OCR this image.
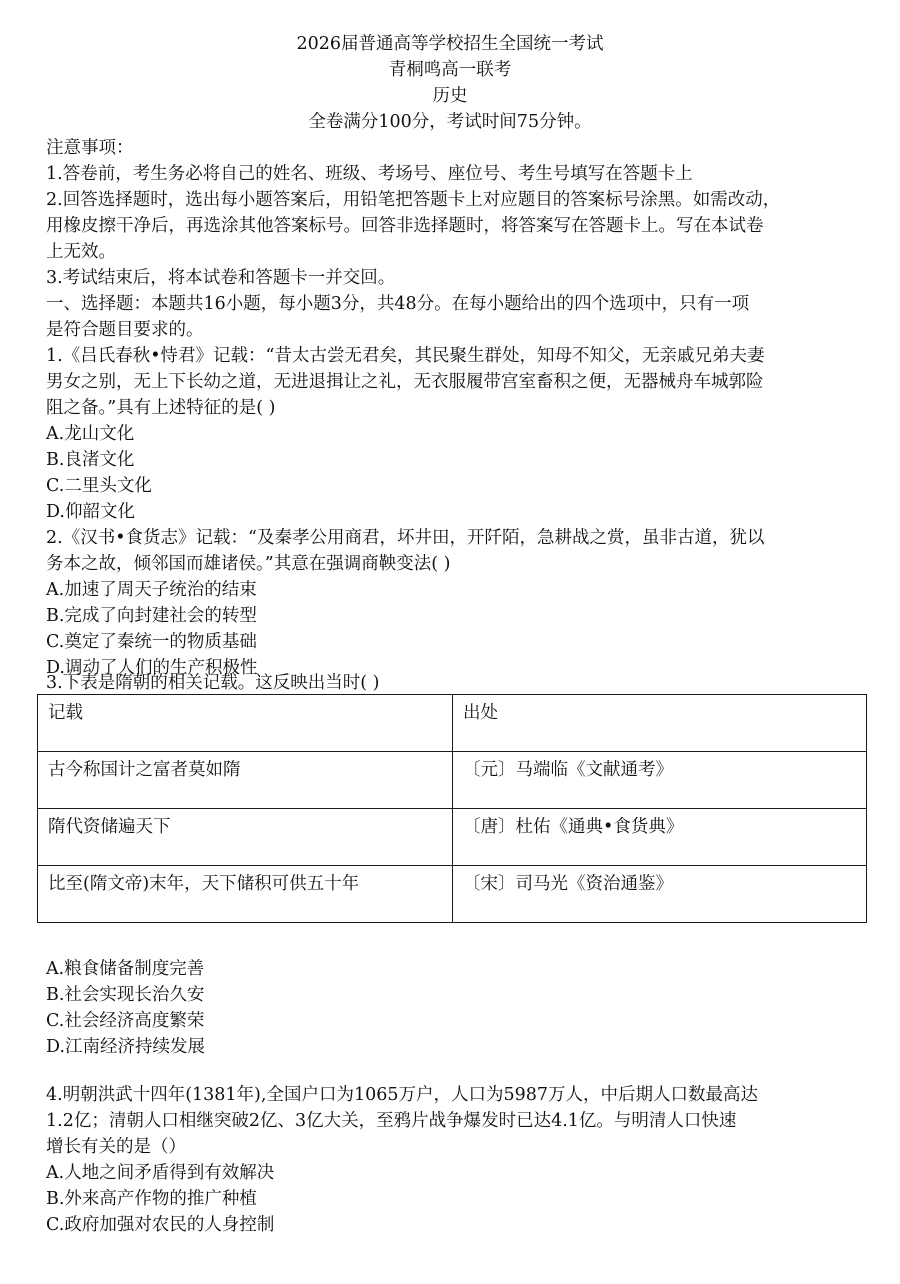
2026届普通高等学校招生全国统一考试
青桐鸣高一联考
历史
全卷满分100分，考试时间75分钟。
注意事项：
1.答卷前，考生务必将自己的姓名、班级、考场号、座位号、考生号填写在答题卡上
2.回答选择题时，选出每小题答案后，用铅笔把答题卡上对应题目的答案标号涂黑。如需改动，
用橡皮擦干净后，再选涂其他答案标号。回答非选择题时，将答案写在答题卡上。写在本试卷
上无效。
3.考试结束后，将本试卷和答题卡一并交回。
一、选择题：本题共16小题，每小题3分，共48分。在每小题给出的四个选项中，只有一项
是符合题目要求的。
1.《吕氏春秋•恃君》记载：“昔太古尝无君矣，其民聚生群处，知母不知父，无亲戚兄弟夫妻
男女之别，无上下长幼之道，无进退揖让之礼，无衣服履带宫室畜积之便，无器械舟车城郭险
阻之备。”具有上述特征的是( )
A.龙山文化
B.良渚文化
C.二里头文化
D.仰韶文化
2.《汉书•食货志》记载：“及秦孝公用商君，坏井田，开阡陌，急耕战之赏，虽非古道，犹以
务本之故，倾邻国而雄诸侯。”其意在强调商鞅变法( )
A.加速了周天子统治的结束
B.完成了向封建社会的转型
C.奠定了秦统一的物质基础
D.调动了人们的生产积极性
3.下表是隋朝的相关记载。这反映出当时( )
记载	出处
古今称国计之富者莫如隋	〔元〕马端临《文献通考》
隋代资储遍天下	〔唐〕杜佑《通典•食货典》
比至(隋文帝)末年，天下储积可供五十年	〔宋〕司马光《资治通鉴》
A.粮食储备制度完善
B.社会实现长治久安
C.社会经济高度繁荣
D.江南经济持续发展
4.明朝洪武十四年(1381年),全国户口为1065万户，人口为5987万人，中后期人口数最高达
1.2亿；清朝人口相继突破2亿、3亿大关，至鸦片战争爆发时已达4.1亿。与明清人口快速
增长有关的是（）
A.人地之间矛盾得到有效解决
B.外来高产作物的推广种植
C.政府加强对农民的人身控制
